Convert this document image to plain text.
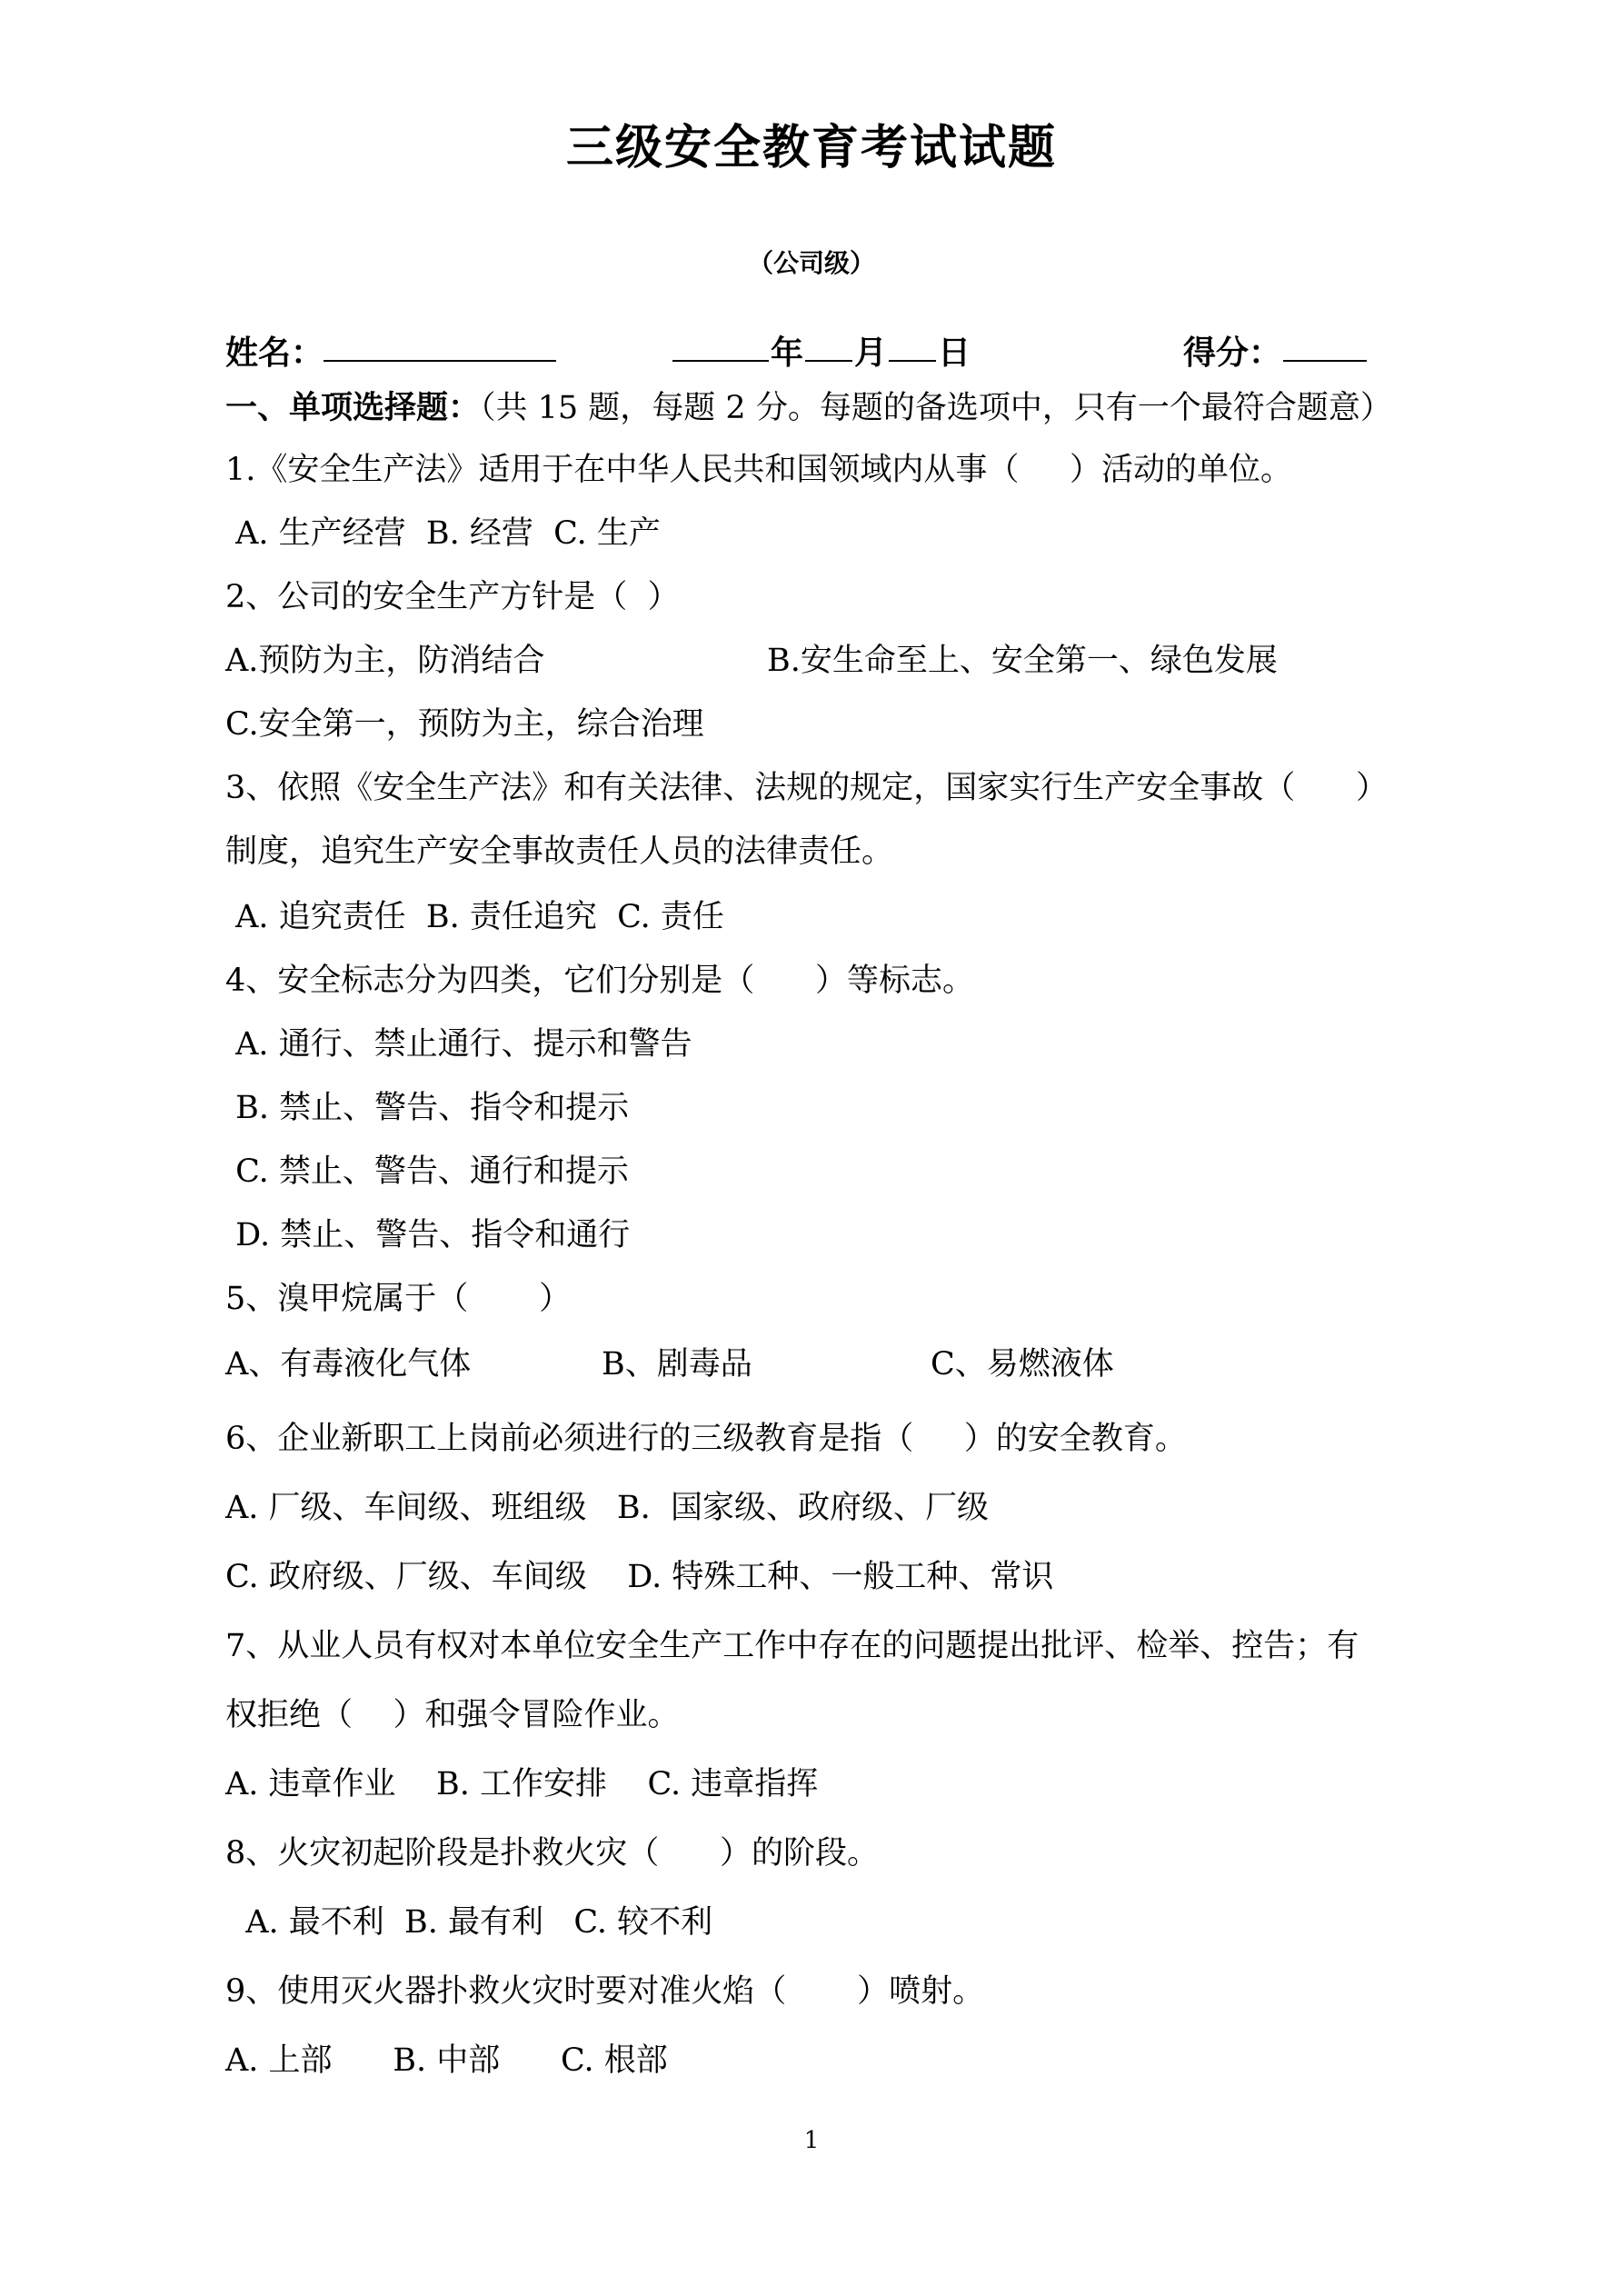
三级安全教育考试试题
（公司级）
姓名：	年 月 日	得分：
一、单项选择题：（共 15 题，每题 2 分。每题的备选项中，只有一个最符合题意）
1.《安全生产法》适用于在中华人民共和国领域内从事（     ）活动的单位。
A. 生产经营  B. 经营  C. 生产
2、公司的安全生产方针是（  ）
A.预防为主，防消结合	B.安生命至上、安全第一、绿色发展
C.安全第一，预防为主，综合治理
3、依照《安全生产法》和有关法律、法规的规定，国家实行生产安全事故（      ）
制度，追究生产安全事故责任人员的法律责任。
A. 追究责任  B. 责任追究  C. 责任
4、安全标志分为四类，它们分别是（      ）等标志。
A. 通行、禁止通行、提示和警告
B. 禁止、警告、指令和提示
C. 禁止、警告、通行和提示
D. 禁止、警告、指令和通行
5、溴甲烷属于（       ）
A、有毒液化气体	B、剧毒品	C、易燃液体
6、企业新职工上岗前必须进行的三级教育是指（     ）的安全教育。
A. 厂级、车间级、班组级   B.  国家级、政府级、厂级
C. 政府级、厂级、车间级    D. 特殊工种、一般工种、常识
7、从业人员有权对本单位安全生产工作中存在的问题提出批评、检举、控告；有
权拒绝（    ）和强令冒险作业。
A. 违章作业    B. 工作安排    C. 违章指挥
8、火灾初起阶段是扑救火灾（      ）的阶段。
A. 最不利  B. 最有利   C. 较不利
9、使用灭火器扑救火灾时要对准火焰（       ）喷射。
A. 上部      B. 中部      C. 根部
1
